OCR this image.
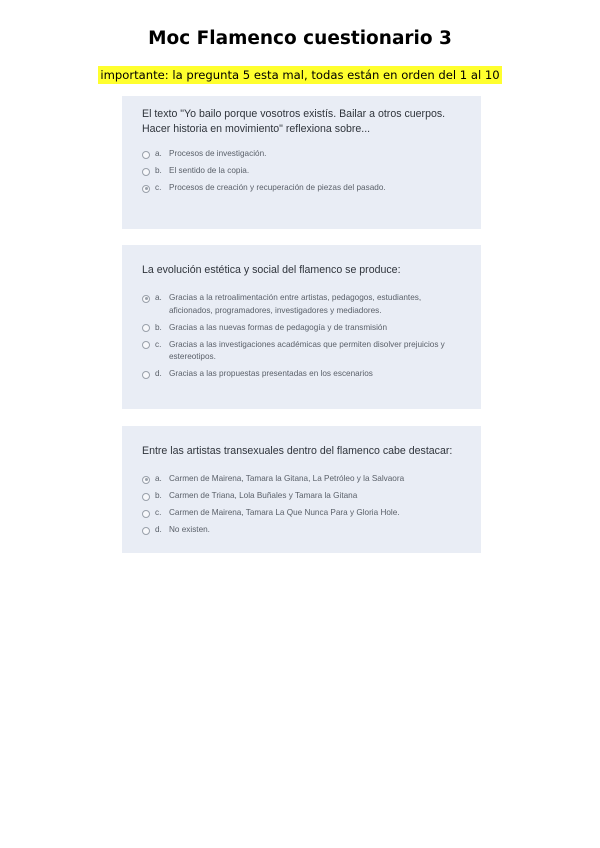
Moc Flamenco cuestionario 3
importante: la pregunta 5 esta mal, todas están en orden del 1 al 10

El texto "Yo bailo porque vosotros existís. Bailar a otros cuerpos. Hacer historia en movimiento" reflexiona sobre...

a. Procesos de investigación.
b. El sentido de la copia.
c. Procesos de creación y recuperación de piezas del pasado.

La evolución estética y social del flamenco se produce:

a. Gracias a la retroalimentación entre artistas, pedagogos, estudiantes, aficionados, programadores, investigadores y mediadores.
b. Gracias a las nuevas formas de pedagogía y de transmisión
c. Gracias a las investigaciones académicas que permiten disolver prejuicios y estereotipos.
d. Gracias a las propuestas presentadas en los escenarios

Entre las artistas transexuales dentro del flamenco cabe destacar:

a. Carmen de Mairena, Tamara la Gitana, La Petróleo y la Salvaora
b. Carmen de Triana, Lola Buñales y Tamara la Gitana
c. Carmen de Mairena, Tamara La Que Nunca Para y Gloria Hole.
d. No existen.
